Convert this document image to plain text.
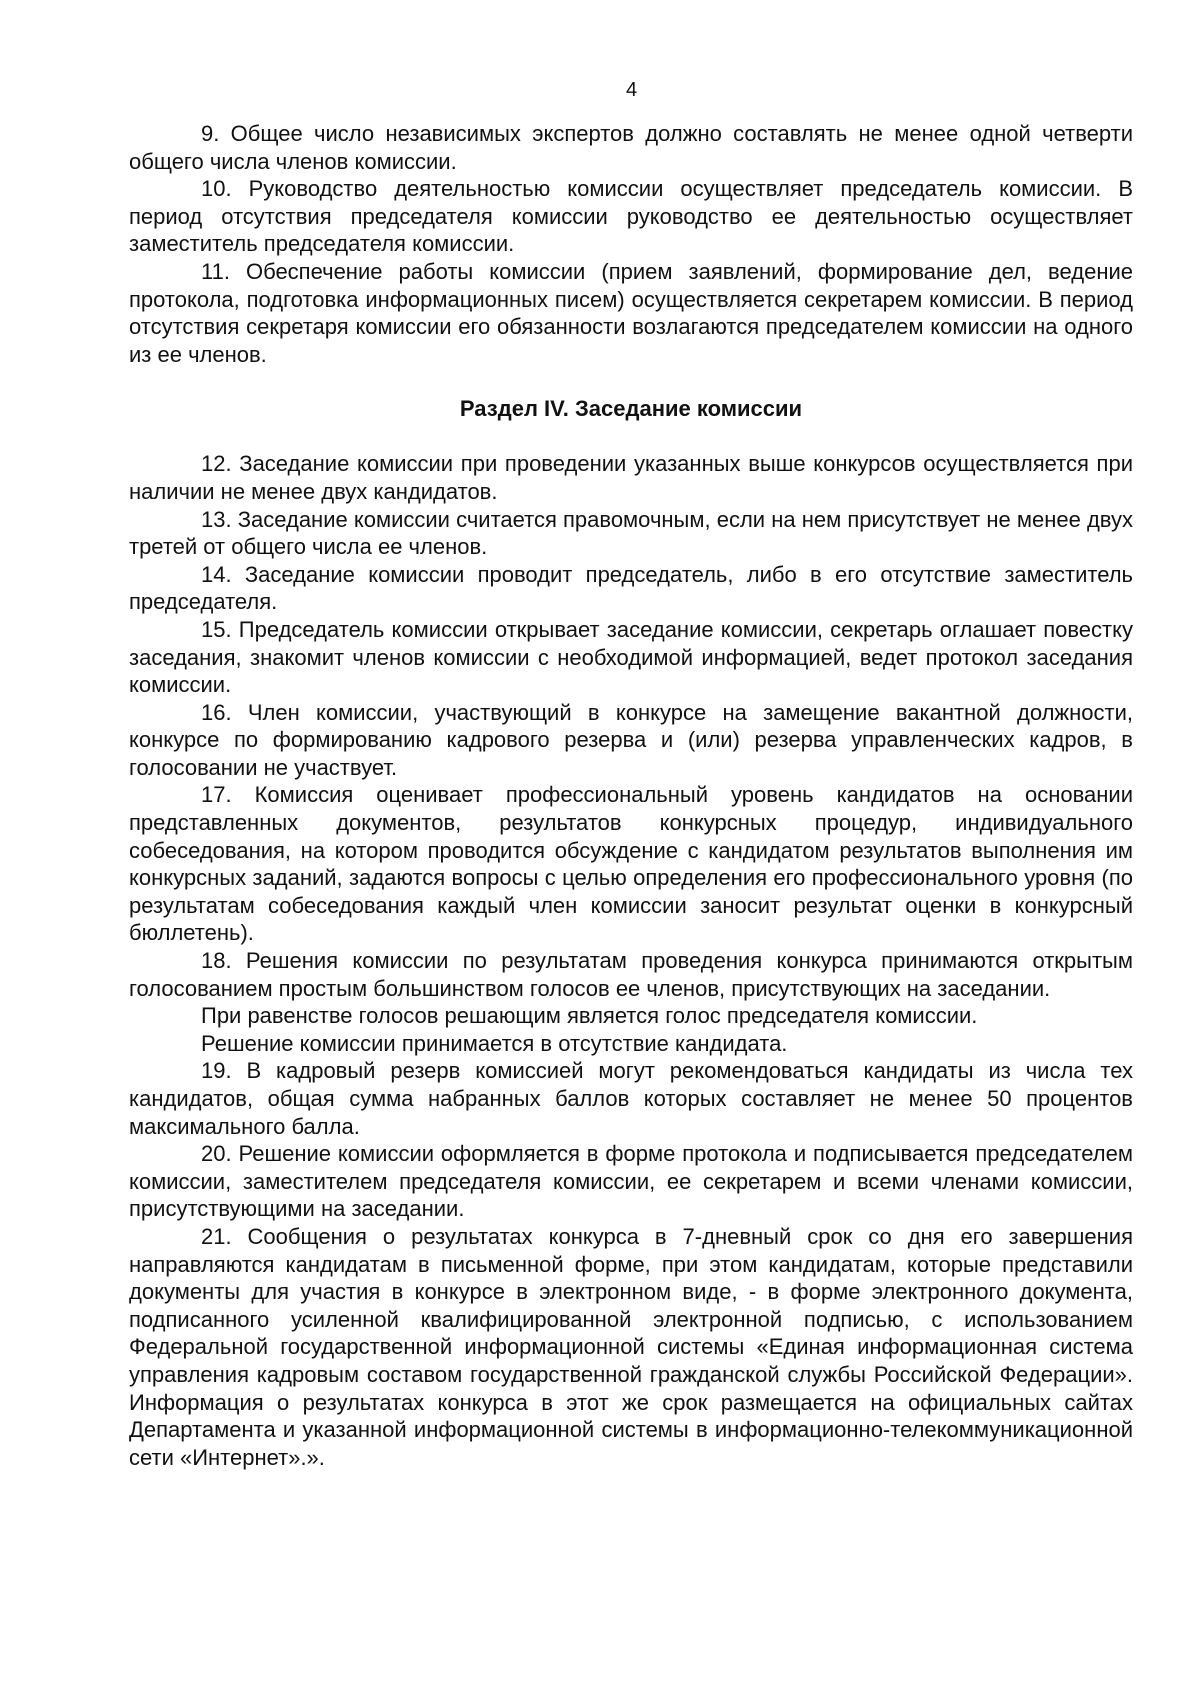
4

9. Общее число независимых экспертов должно составлять не менее одной четверти общего числа членов комиссии.

10. Руководство деятельностью комиссии осуществляет председатель комиссии. В период отсутствия председателя комиссии руководство ее деятельностью осуществляет заместитель председателя комиссии.

11. Обеспечение работы комиссии (прием заявлений, формирование дел, ведение протокола, подготовка информационных писем) осуществляется секретарем комиссии. В период отсутствия секретаря комиссии его обязанности возлагаются председателем комиссии на одного из ее членов.

Раздел IV. Заседание комиссии

12. Заседание комиссии при проведении указанных выше конкурсов осуществляется при наличии не менее двух кандидатов.

13. Заседание комиссии считается правомочным, если на нем присутствует не менее двух третей от общего числа ее членов.

14. Заседание комиссии проводит председатель, либо в его отсутствие заместитель председателя.

15. Председатель комиссии открывает заседание комиссии, секретарь оглашает повестку заседания, знакомит членов комиссии с необходимой информацией, ведет протокол заседания комиссии.

16. Член комиссии, участвующий в конкурсе на замещение вакантной должности, конкурсе по формированию кадрового резерва и (или) резерва управленческих кадров, в голосовании не участвует.

17. Комиссия оценивает профессиональный уровень кандидатов на основании представленных документов, результатов конкурсных процедур, индивидуального собеседования, на котором проводится обсуждение с кандидатом результатов выполнения им конкурсных заданий, задаются вопросы с целью определения его профессионального уровня (по результатам собеседования каждый член комиссии заносит результат оценки в конкурсный бюллетень).

18. Решения комиссии по результатам проведения конкурса принимаются открытым голосованием простым большинством голосов ее членов, присутствующих на заседании.

При равенстве голосов решающим является голос председателя комиссии.

Решение комиссии принимается в отсутствие кандидата.

19. В кадровый резерв комиссией могут рекомендоваться кандидаты из числа тех кандидатов, общая сумма набранных баллов которых составляет не менее 50 процентов максимального балла.

20. Решение комиссии оформляется в форме протокола и подписывается председателем комиссии, заместителем председателя комиссии, ее секретарем и всеми членами комиссии, присутствующими на заседании.

21. Сообщения о результатах конкурса в 7-дневный срок со дня его завершения направляются кандидатам в письменной форме, при этом кандидатам, которые представили документы для участия в конкурсе в электронном виде, - в форме электронного документа, подписанного усиленной квалифицированной электронной подписью, с использованием Федеральной государственной информационной системы «Единая информационная система управления кадровым составом государственной гражданской службы Российской Федерации». Информация о результатах конкурса в этот же срок размещается на официальных сайтах Департамента и указанной информационной системы в информационно-телекоммуникационной сети «Интернет».».
